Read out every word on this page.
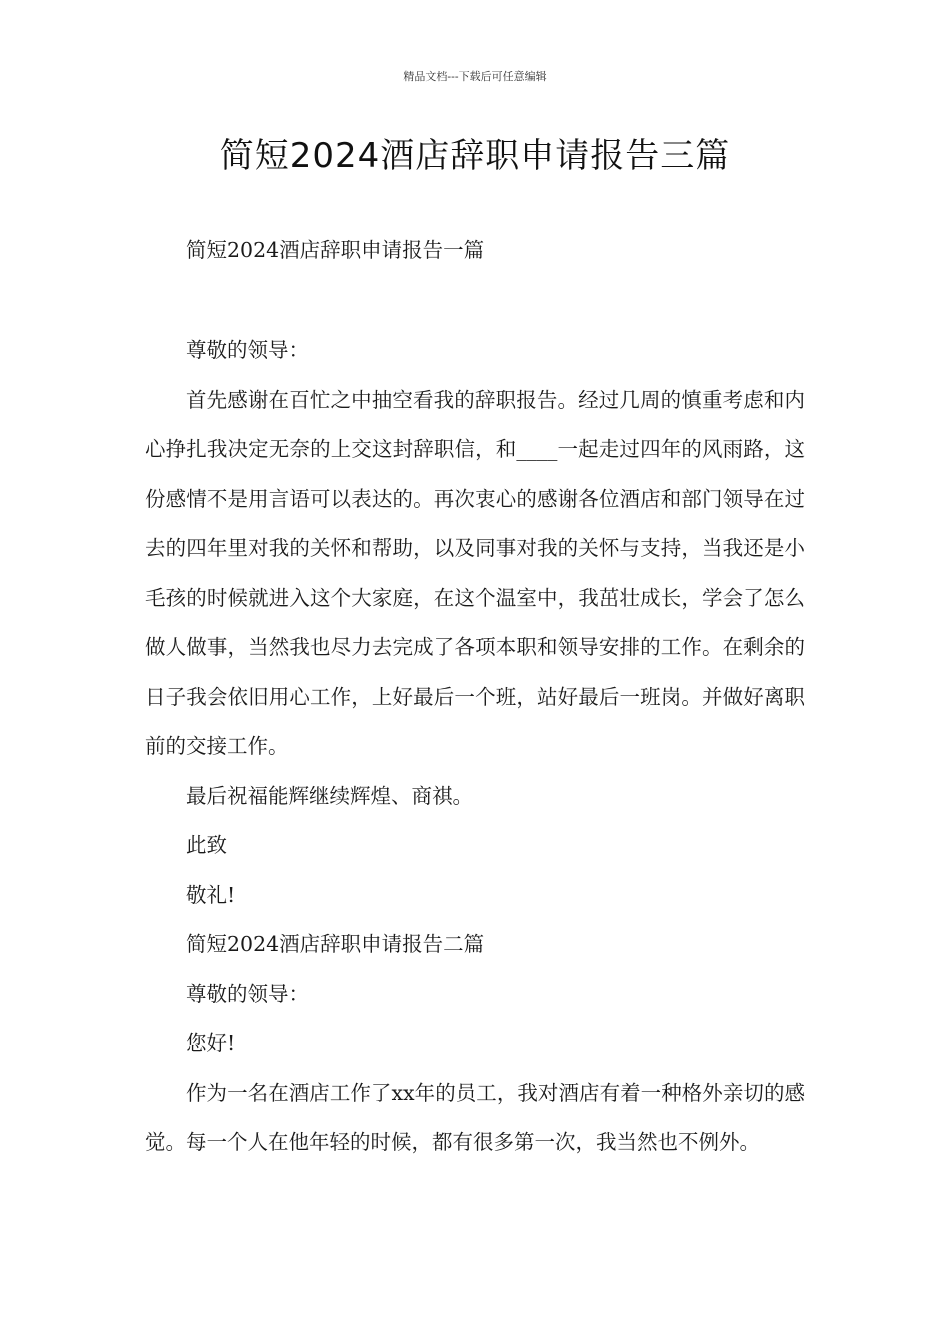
精品文档---下载后可任意编辑
简短2024酒店辞职申请报告三篇

简短2024酒店辞职申请报告一篇

尊敬的领导：

首先感谢在百忙之中抽空看我的辞职报告。经过几周的慎重考虑和内心挣扎我决定无奈的上交这封辞职信，和____一起走过四年的风雨路，这份感情不是用言语可以表达的。再次衷心的感谢各位酒店和部门领导在过去的四年里对我的关怀和帮助，以及同事对我的关怀与支持，当我还是小毛孩的时候就进入这个大家庭，在这个温室中，我茁壮成长，学会了怎么做人做事，当然我也尽力去完成了各项本职和领导安排的工作。在剩余的日子我会依旧用心工作，上好最后一个班，站好最后一班岗。并做好离职前的交接工作。

最后祝福能辉继续辉煌、商祺。

此致

敬礼!

简短2024酒店辞职申请报告二篇

尊敬的领导：

您好!

作为一名在酒店工作了xx年的员工，我对酒店有着一种格外亲切的感觉。每一个人在他年轻的时候，都有很多第一次，我当然也不例外。
